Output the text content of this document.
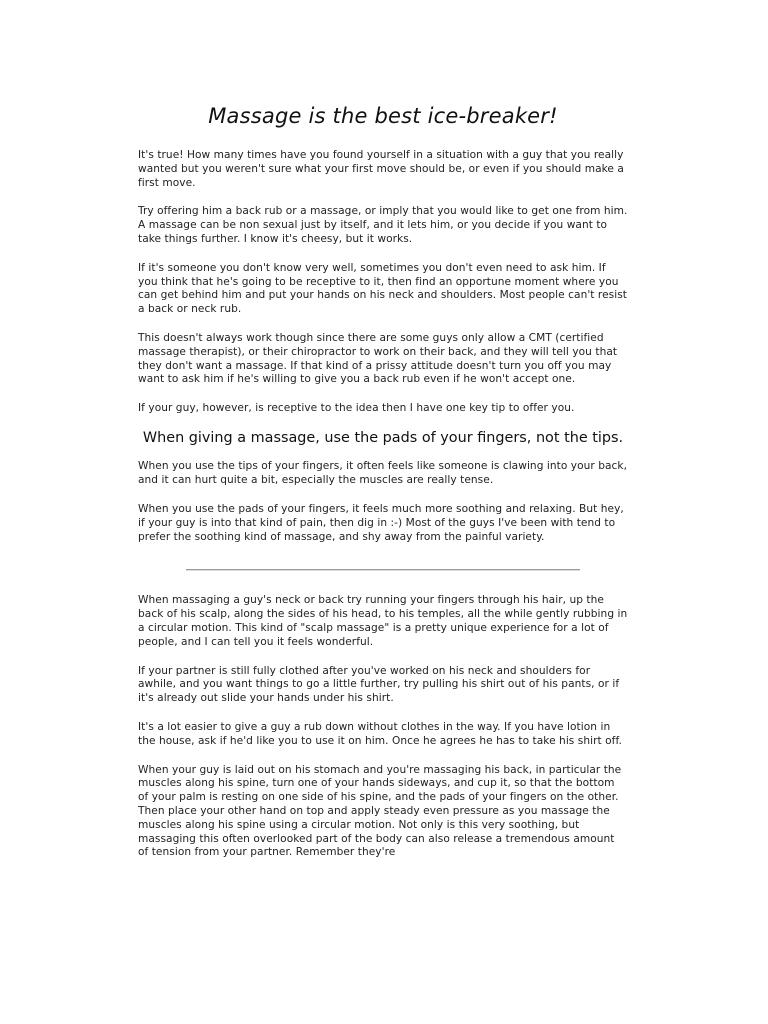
Massage is the best ice-breaker!

It's true! How many times have you found yourself in a situation with a guy that you really wanted but you weren't sure what your first move should be, or even if you should make a first move.

Try offering him a back rub or a massage, or imply that you would like to get one from him. A massage can be non sexual just by itself, and it lets him, or you decide if you want to take things further. I know it's cheesy, but it works.

If it's someone you don't know very well, sometimes you don't even need to ask him. If you think that he's going to be receptive to it, then find an opportune moment where you can get behind him and put your hands on his neck and shoulders. Most people can't resist a back or neck rub.

This doesn't always work though since there are some guys only allow a CMT (certified massage therapist), or their chiropractor to work on their back, and they will tell you that they don't want a massage. If that kind of a prissy attitude doesn't turn you off you may want to ask him if he's willing to give you a back rub even if he won't accept one.

If your guy, however, is receptive to the idea then I have one key tip to offer you.

When giving a massage, use the pads of your fingers, not the tips.

When you use the tips of your fingers, it often feels like someone is clawing into your back, and it can hurt quite a bit, especially the muscles are really tense.

When you use the pads of your fingers, it feels much more soothing and relaxing. But hey, if your guy is into that kind of pain, then dig in :-) Most of the guys I've been with tend to prefer the soothing kind of massage, and shy away from the painful variety.

When massaging a guy's neck or back try running your fingers through his hair, up the back of his scalp, along the sides of his head, to his temples, all the while gently rubbing in a circular motion. This kind of "scalp massage" is a pretty unique experience for a lot of people, and I can tell you it feels wonderful.

If your partner is still fully clothed after you've worked on his neck and shoulders for awhile, and you want things to go a little further, try pulling his shirt out of his pants, or if it's already out slide your hands under his shirt.

It's a lot easier to give a guy a rub down without clothes in the way. If you have lotion in the house, ask if he'd like you to use it on him. Once he agrees he has to take his shirt off.

When your guy is laid out on his stomach and you're massaging his back, in particular the muscles along his spine, turn one of your hands sideways, and cup it, so that the bottom of your palm is resting on one side of his spine, and the pads of your fingers on the other. Then place your other hand on top and apply steady even pressure as you massage the muscles along his spine using a circular motion. Not only is this very soothing, but massaging this often overlooked part of the body can also release a tremendous amount of tension from your partner. Remember they're
